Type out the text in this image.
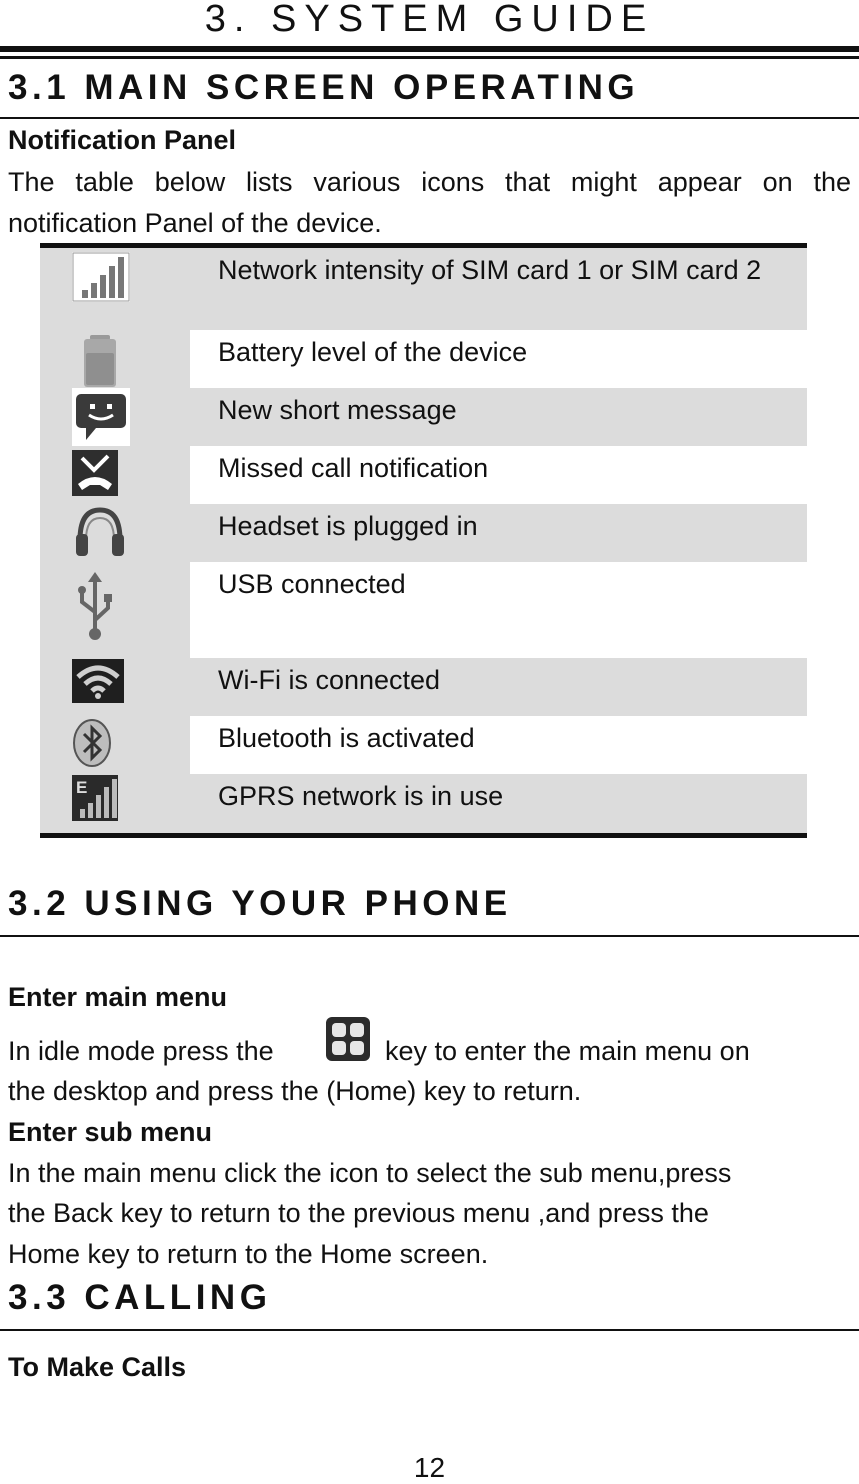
3. SYSTEM GUIDE
3.1 MAIN SCREEN OPERATING
Notification Panel
The table below lists various icons that might appear on the
notification Panel of the device.
Network intensity of SIM card 1 or SIM card 2
Battery level of the device
New short message
Missed call notification
Headset is plugged in
USB connected
Wi-Fi is connected
Bluetooth is activated
E	GPRS network is in use
3.2 USING YOUR PHONE
Enter main menu
In idle mode press the	key to enter the main menu on
the desktop and press the (Home) key to return.
Enter sub menu
In the main menu click the icon to select the sub menu,press
the Back key to return to the previous menu ,and press the
Home key to return to the Home screen.
3.3 CALLING
To Make Calls
12
